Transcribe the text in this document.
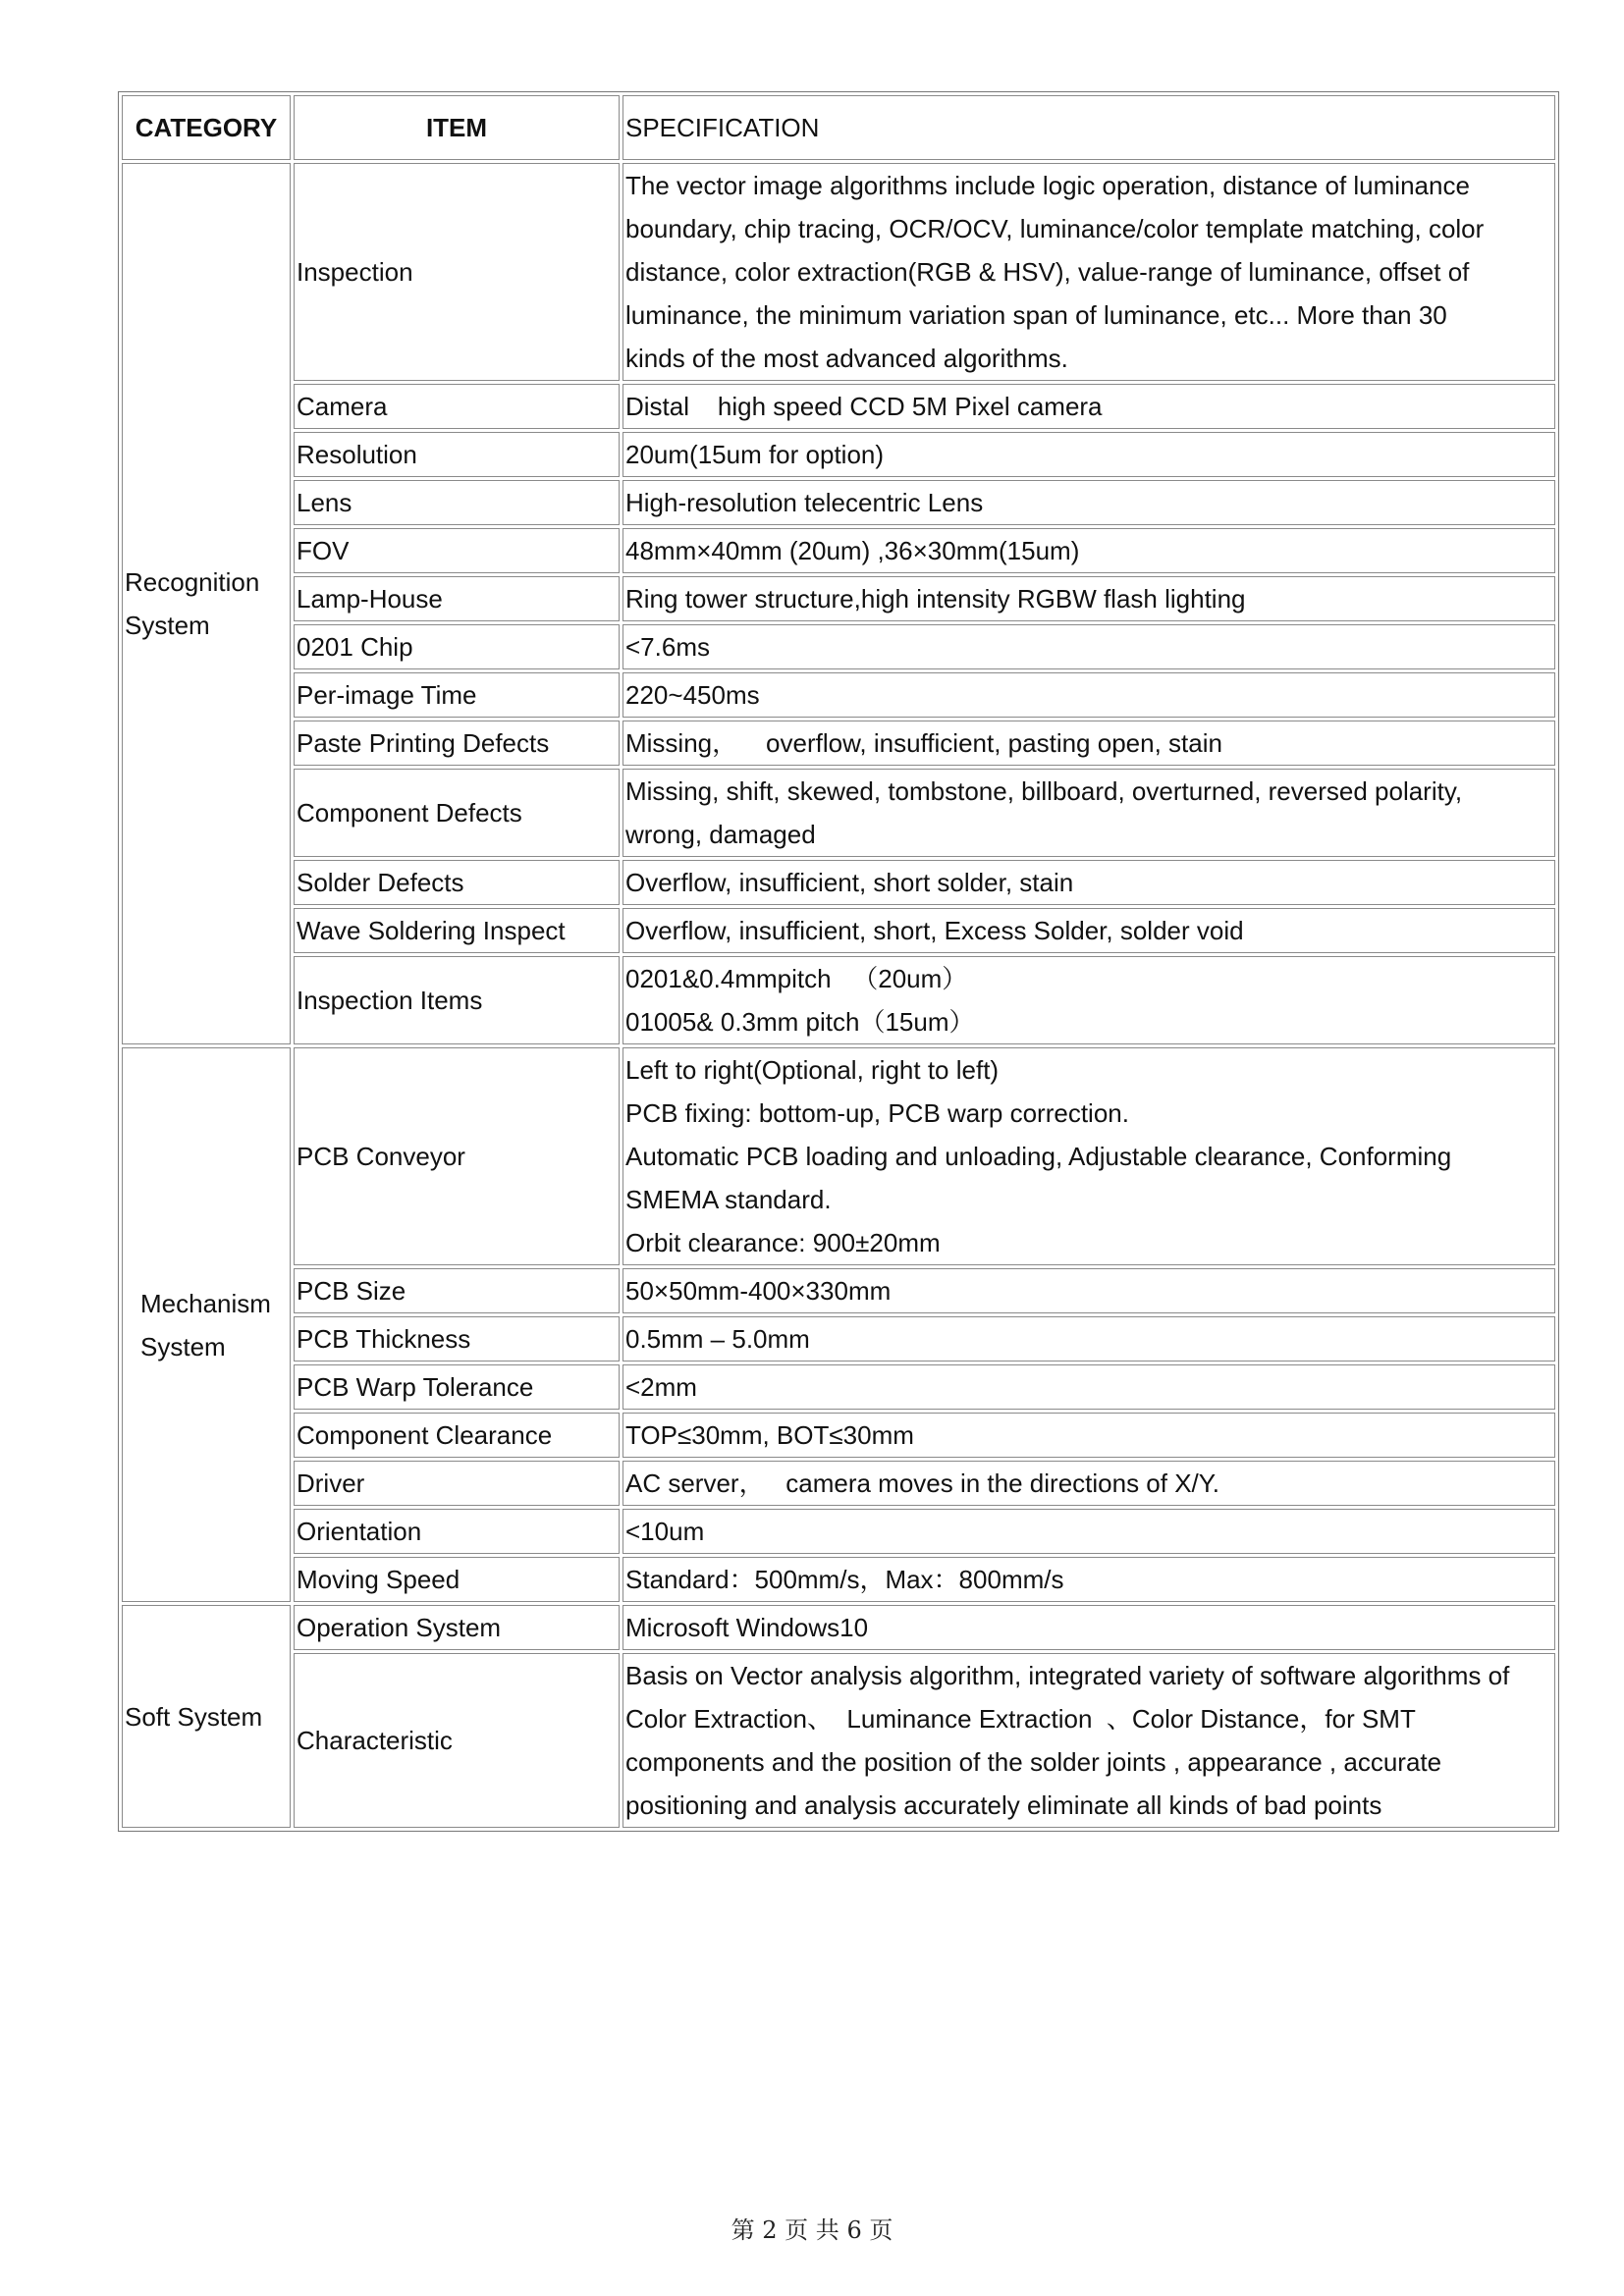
CATEGORY	ITEM	SPECIFICATION

Recognition
System	Inspection	The vector image algorithms include logic operation, distance of luminance
boundary, chip tracing, OCR/OCV, luminance/color template matching, color
distance, color extraction(RGB & HSV), value-range of luminance, offset of
luminance, the minimum variation span of luminance, etc... More than 30
kinds of the most advanced algorithms.

	Camera	Distal    high speed CCD 5M Pixel camera

	Resolution	20um(15um for option)

	Lens	High-resolution telecentric Lens

	FOV	48mm×40mm (20um) ,36×30mm(15um)

	Lamp-House	Ring tower structure,high intensity RGBW flash lighting

	0201 Chip	<7.6ms

	Per-image Time	220~450ms

	Paste Printing Defects	Missing，    overflow, insufficient, pasting open, stain

	Component Defects	Missing, shift, skewed, tombstone, billboard, overturned, reversed polarity,
wrong, damaged

	Solder Defects	Overflow, insufficient, short solder, stain

	Wave Soldering Inspect	Overflow, insufficient, short, Excess Solder, solder void

	Inspection Items	0201&0.4mmpitch   （20um）
01005& 0.3mm pitch（15um）

Mechanism
System	PCB Conveyor	Left to right(Optional, right to left)
PCB fixing: bottom-up, PCB warp correction.
Automatic PCB loading and unloading, Adjustable clearance, Conforming
SMEMA standard.
Orbit clearance: 900±20mm

	PCB Size	50×50mm-400×330mm

	PCB Thickness	0.5mm – 5.0mm

	PCB Warp Tolerance	<2mm

	Component Clearance	TOP≤30mm, BOT≤30mm

	Driver	AC server，   camera moves in the directions of X/Y.

	Orientation	<10um

	Moving Speed	Standard：500mm/s，Max：800mm/s

Soft System	Operation System	Microsoft Windows10

	Characteristic	Basis on Vector analysis algorithm, integrated variety of software algorithms of
Color Extraction、  Luminance Extraction  、Color Distance，for SMT
components and the position of the solder joints , appearance , accurate
positioning and analysis accurately eliminate all kinds of bad points
第 2 页 共 6 页
